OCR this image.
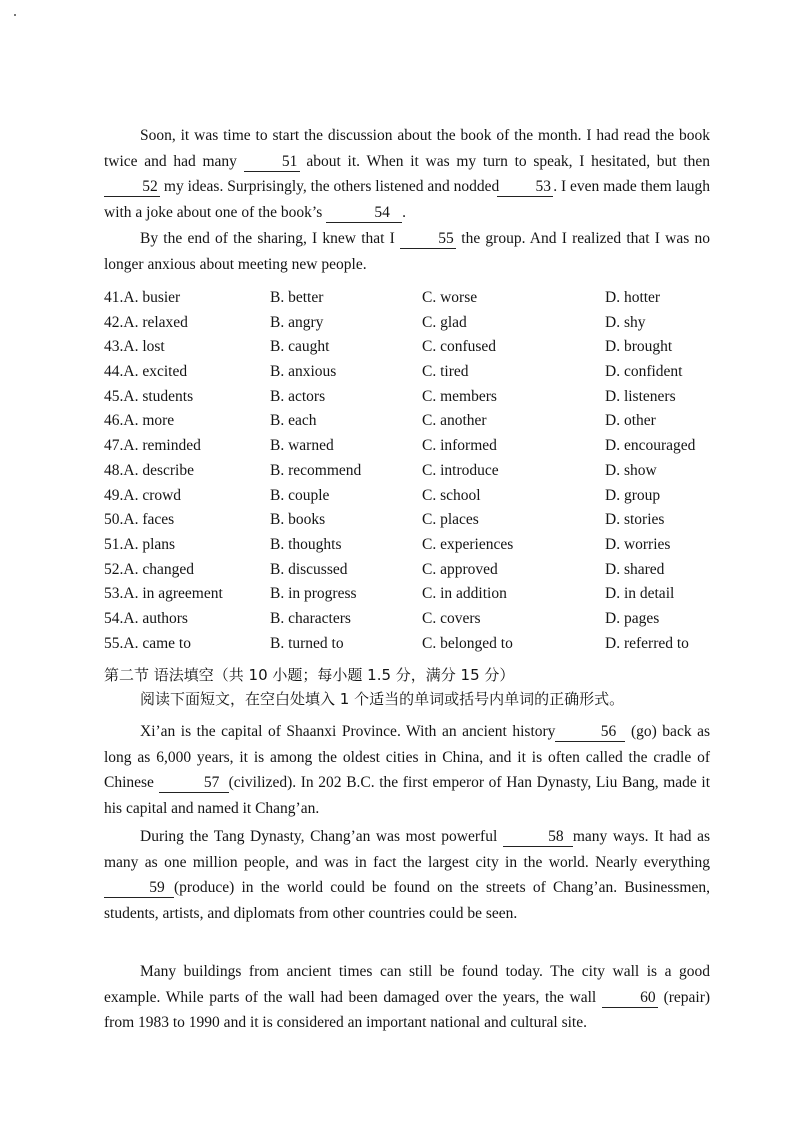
Soon, it was time to start the discussion about the book of the month. I had read the book twice and had many	51 about it. When it was my turn to speak, I hesitated, but then 52 my ideas. Surprisingly, the others listened and nodded 53 . I even made them laugh with a joke about one of the book’s	54 .

By the end of the sharing, I knew that I	55 the group. And I realized that I was no longer anxious about meeting new people.

41.A. busier	B. better	C. worse	D. hotter
42.A. relaxed	B. angry	C. glad	D. shy
43.A. lost	B. caught	C. confused	D. brought
44.A. excited	B. anxious	C. tired	D. confident
45.A. students	B. actors	C. members	D. listeners
46.A. more	B. each	C. another	D. other
47.A. reminded	B. warned	C. informed	D. encouraged
48.A. describe	B. recommend	C. introduce	D. show
49.A. crowd	B. couple	C. school	D. group
50.A. faces	B. books	C. places	D. stories
51.A. plans	B. thoughts	C. experiences	D. worries
52.A. changed	B. discussed	C. approved	D. shared
53.A. in agreement	B. in progress	C. in addition	D. in detail
54.A. authors	B. characters	C. covers	D. pages
55.A. came to	B. turned to	C. belonged to	D. referred to

第二节 语法填空（共 10 小题；每小题 1.5 分，满分 15 分）

阅读下面短文，在空白处填入 1 个适当的单词或括号内单词的正确形式。

Xi’an is the capital of Shaanxi Province. With an ancient history	56 (go) back as long as 6,000 years, it is among the oldest cities in China, and it is often called the cradle of Chinese	57 (civilized). In 202 B.C. the first emperor of Han Dynasty, Liu Bang, made it his capital and named it Chang’an.

During the Tang Dynasty, Chang’an was most powerful	58 many ways. It had as many as one million people, and was in fact the largest city in the world. Nearly everything 59 (produce) in the world could be found on the streets of Chang’an. Businessmen, students, artists, and diplomats from other countries could be seen.

Many buildings from ancient times can still be found today. The city wall is a good example. While parts of the wall had been damaged over the years, the wall	60 (repair) from 1983 to 1990 and it is considered an important national and cultural site.
